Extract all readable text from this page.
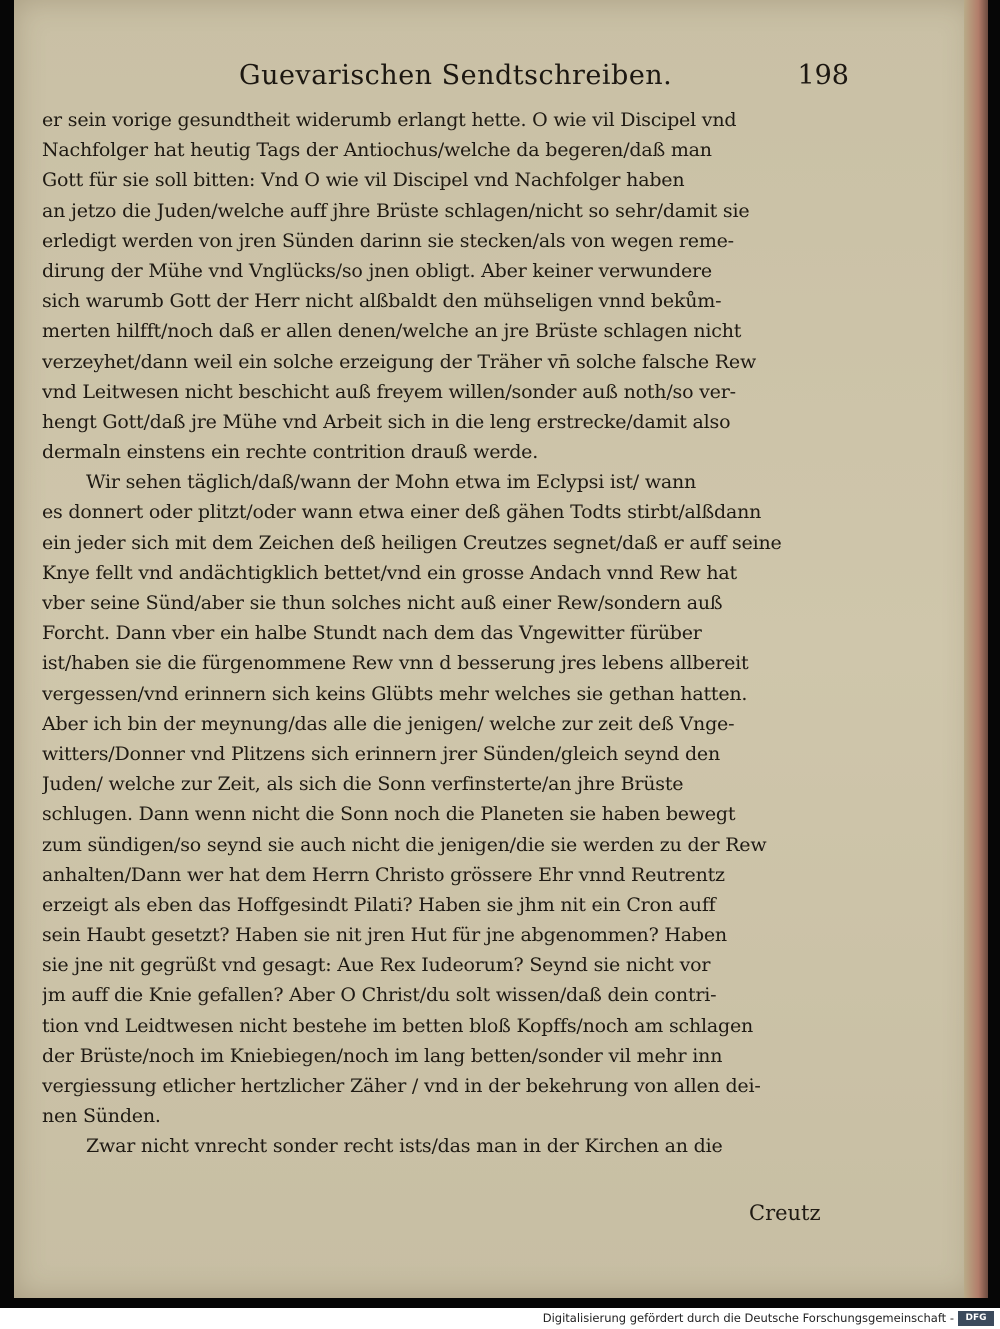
Guevarischen Sendtschreiben.	198
er sein vorige gesundtheit widerumb erlangt hette. O wie vil Discipel vnd
Nachfolger hat heutig Tags der Antiochus/welche da begeren/daß man
Gott für sie soll bitten: Vnd O wie vil Discipel vnd Nachfolger haben
an jetzo die Juden/welche auff jhre Brüste schlagen/nicht so sehr/damit sie
erledigt werden von jren Sünden darinn sie stecken/als von wegen reme-
dirung der Mühe vnd Vnglücks/so jnen obligt. Aber keiner verwundere
sich warumb Gott der Herr nicht alßbaldt den mühseligen vnnd bekům-
merten hilfft/noch daß er allen denen/welche an jre Brüste schlagen nicht
verzeyhet/dann weil ein solche erzeigung der Träher vn̄ solche falsche Rew
vnd Leitwesen nicht beschicht auß freyem willen/sonder auß noth/so ver-
hengt Gott/daß jre Mühe vnd Arbeit sich in die leng erstrecke/damit also
dermaln einstens ein rechte contrition drauß werde.
Wir sehen täglich/daß/wann der Mohn etwa im Eclypsi ist/ wann
es donnert oder plitzt/oder wann etwa einer deß gähen Todts stirbt/alßdann
ein jeder sich mit dem Zeichen deß heiligen Creutzes segnet/daß er auff seine
Knye fellt vnd andächtigklich bettet/vnd ein grosse Andach vnnd Rew hat
vber seine Sünd/aber sie thun solches nicht auß einer Rew/sondern auß
Forcht. Dann vber ein halbe Stundt nach dem das Vngewitter fürüber
ist/haben sie die fürgenommene Rew vnn d besserung jres lebens allbereit
vergessen/vnd erinnern sich keins Glübts mehr welches sie gethan hatten.
Aber ich bin der meynung/das alle die jenigen/ welche zur zeit deß Vnge-
witters/Donner vnd Plitzens sich erinnern jrer Sünden/gleich seynd den
Juden/ welche zur Zeit, als sich die Sonn verfinsterte/an jhre Brüste
schlugen. Dann wenn nicht die Sonn noch die Planeten sie haben bewegt
zum sündigen/so seynd sie auch nicht die jenigen/die sie werden zu der Rew
anhalten/Dann wer hat dem Herrn Christo grössere Ehr vnnd Reutrentz
erzeigt als eben das Hoffgesindt Pilati? Haben sie jhm nit ein Cron auff
sein Haubt gesetzt? Haben sie nit jren Hut für jne abgenommen? Haben
sie jne nit gegrüßt vnd gesagt: Aue Rex Iudeorum? Seynd sie nicht vor
jm auff die Knie gefallen? Aber O Christ/du solt wissen/daß dein contri-
tion vnd Leidtwesen nicht bestehe im betten bloß Kopffs/noch am schlagen
der Brüste/noch im Kniebiegen/noch im lang betten/sonder vil mehr inn
vergiessung etlicher hertzlicher Zäher / vnd in der bekehrung von allen dei-
nen Sünden.
Zwar nicht vnrecht sonder recht ists/das man in der Kirchen an die
Creutz
Digitalisierung gefördert durch die Deutsche Forschungsgemeinschaft -	DFG
